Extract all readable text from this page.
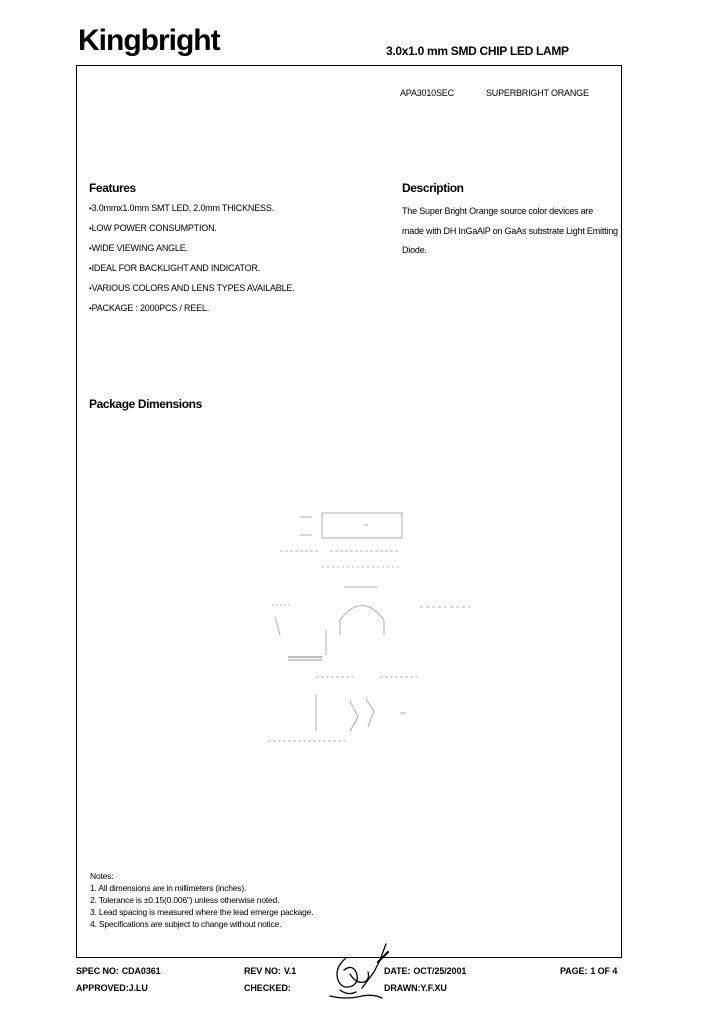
Kingbright	3.0x1.0 mm SMD CHIP LED LAMP
APA3010SEC	SUPERBRIGHT ORANGE
Features
• 3.0mmx1.0mm SMT LED, 2.0mm THICKNESS.
• LOW POWER CONSUMPTION.
• WIDE VIEWING ANGLE.
• IDEAL FOR BACKLIGHT AND INDICATOR.
• VARIOUS COLORS AND LENS TYPES AVAILABLE.
• PACKAGE : 2000PCS / REEL.
Description
The Super Bright Orange source color devices are
made with DH InGaAlP on GaAs substrate Light Emitting
Diode.
Package Dimensions
Notes:
1. All dimensions are in millimeters (inches).
2. Tolerance is ±0.15(0.006") unless otherwise noted.
3. Lead spacing is measured where the lead emerge package.
4. Specifications are subject to change without notice.
SPEC NO: CDA0361
APPROVED:J.LU
REV NO: V.1
CHECKED:
DATE: OCT/25/2001
DRAWN:Y.F.XU
PAGE: 1 OF 4
